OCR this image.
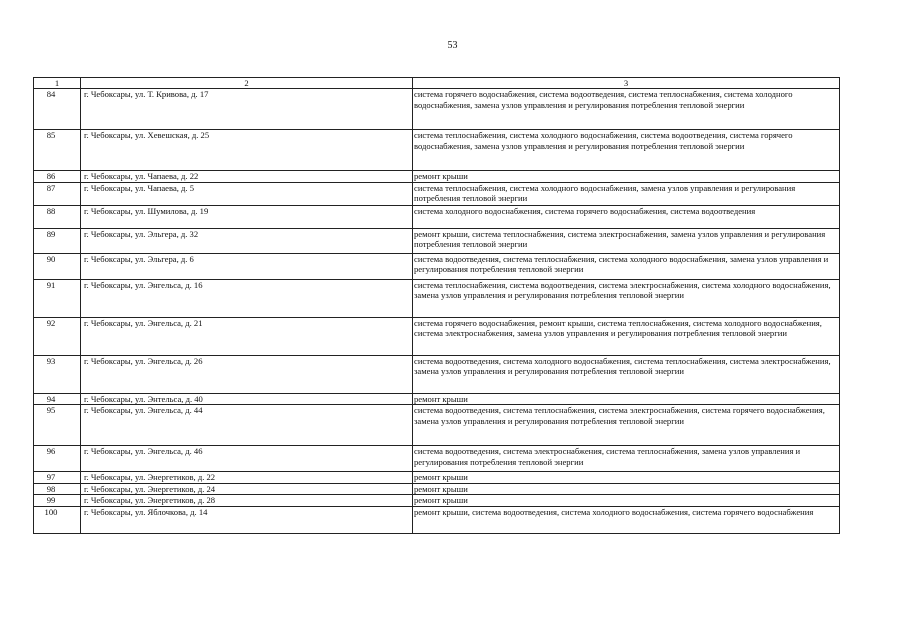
53
1	2	3
84	г. Чебоксары, ул. Т. Кривова, д. 17	система горячего водоснабжения, система водоотведения, система теплоснабжения, система холодного водоснабжения, замена узлов управления и регулирования потребления тепловой энергии
85	г. Чебоксары, ул. Хевешская, д. 25	система теплоснабжения, система холодного водоснабжения, система водоотведения, система горячего водоснабжения, замена узлов управления и регулирования потребления тепловой энергии
86	г. Чебоксары, ул. Чапаева, д. 22	ремонт крыши
87	г. Чебоксары, ул. Чапаева, д. 5	система теплоснабжения, система холодного водоснабжения, замена узлов управления и регулирования потребления тепловой энергии
88	г. Чебоксары, ул. Шумилова, д. 19	система холодного водоснабжения, система горячего водоснабжения, система водоотведения
89	г. Чебоксары, ул. Эльгера, д. 32	ремонт крыши, система теплоснабжения, система электроснабжения, замена узлов управления и регулирования потребления тепловой энергии
90	г. Чебоксары, ул. Эльгера, д. 6	система водоотведения, система теплоснабжения, система холодного водоснабжения, замена узлов управления и регулирования потребления тепловой энергии
91	г. Чебоксары, ул. Энгельса, д. 16	система теплоснабжения, система водоотведения, система электроснабжения, система холодного водоснабжения, замена узлов управления и регулирования потребления тепловой энергии
92	г. Чебоксары, ул. Энгельса, д. 21	система горячего водоснабжения, ремонт крыши, система теплоснабжения, система холодного водоснабжения, система электроснабжения, замена узлов управления и регулирования потребления тепловой энергии
93	г. Чебоксары, ул. Энгельса, д. 26	система водоотведения, система холодного водоснабжения, система теплоснабжения, система электроснабжения, замена узлов управления и регулирования потребления тепловой энергии
94	г. Чебоксары, ул. Энтельса, д. 40	ремонт крыши
95	г. Чебоксары, ул. Энгельса, д. 44	система водоотведения, система теплоснабжения, система электроснабжения, система горячего водоснабжения, замена узлов управления и регулирования потребления тепловой энергии
96	г. Чебоксары, ул. Энгельса, д. 46	система водоотведения, система электроснабжения, система теплоснабжения, замена узлов управления и регулирования потребления тепловой энергии
97	г. Чебоксары, ул. Энергетиков, д. 22	ремонт крыши
98	г. Чебоксары, ул. Энергетиков, д. 24	ремонт крыши
99	г. Чебоксары, ул. Энергетиков, д. 28	ремонт крыши
100	г. Чебоксары, ул. Яблочкова, д. 14	ремонт крыши, система водоотведения, система холодного водоснабжения, система горячего водоснабжения
